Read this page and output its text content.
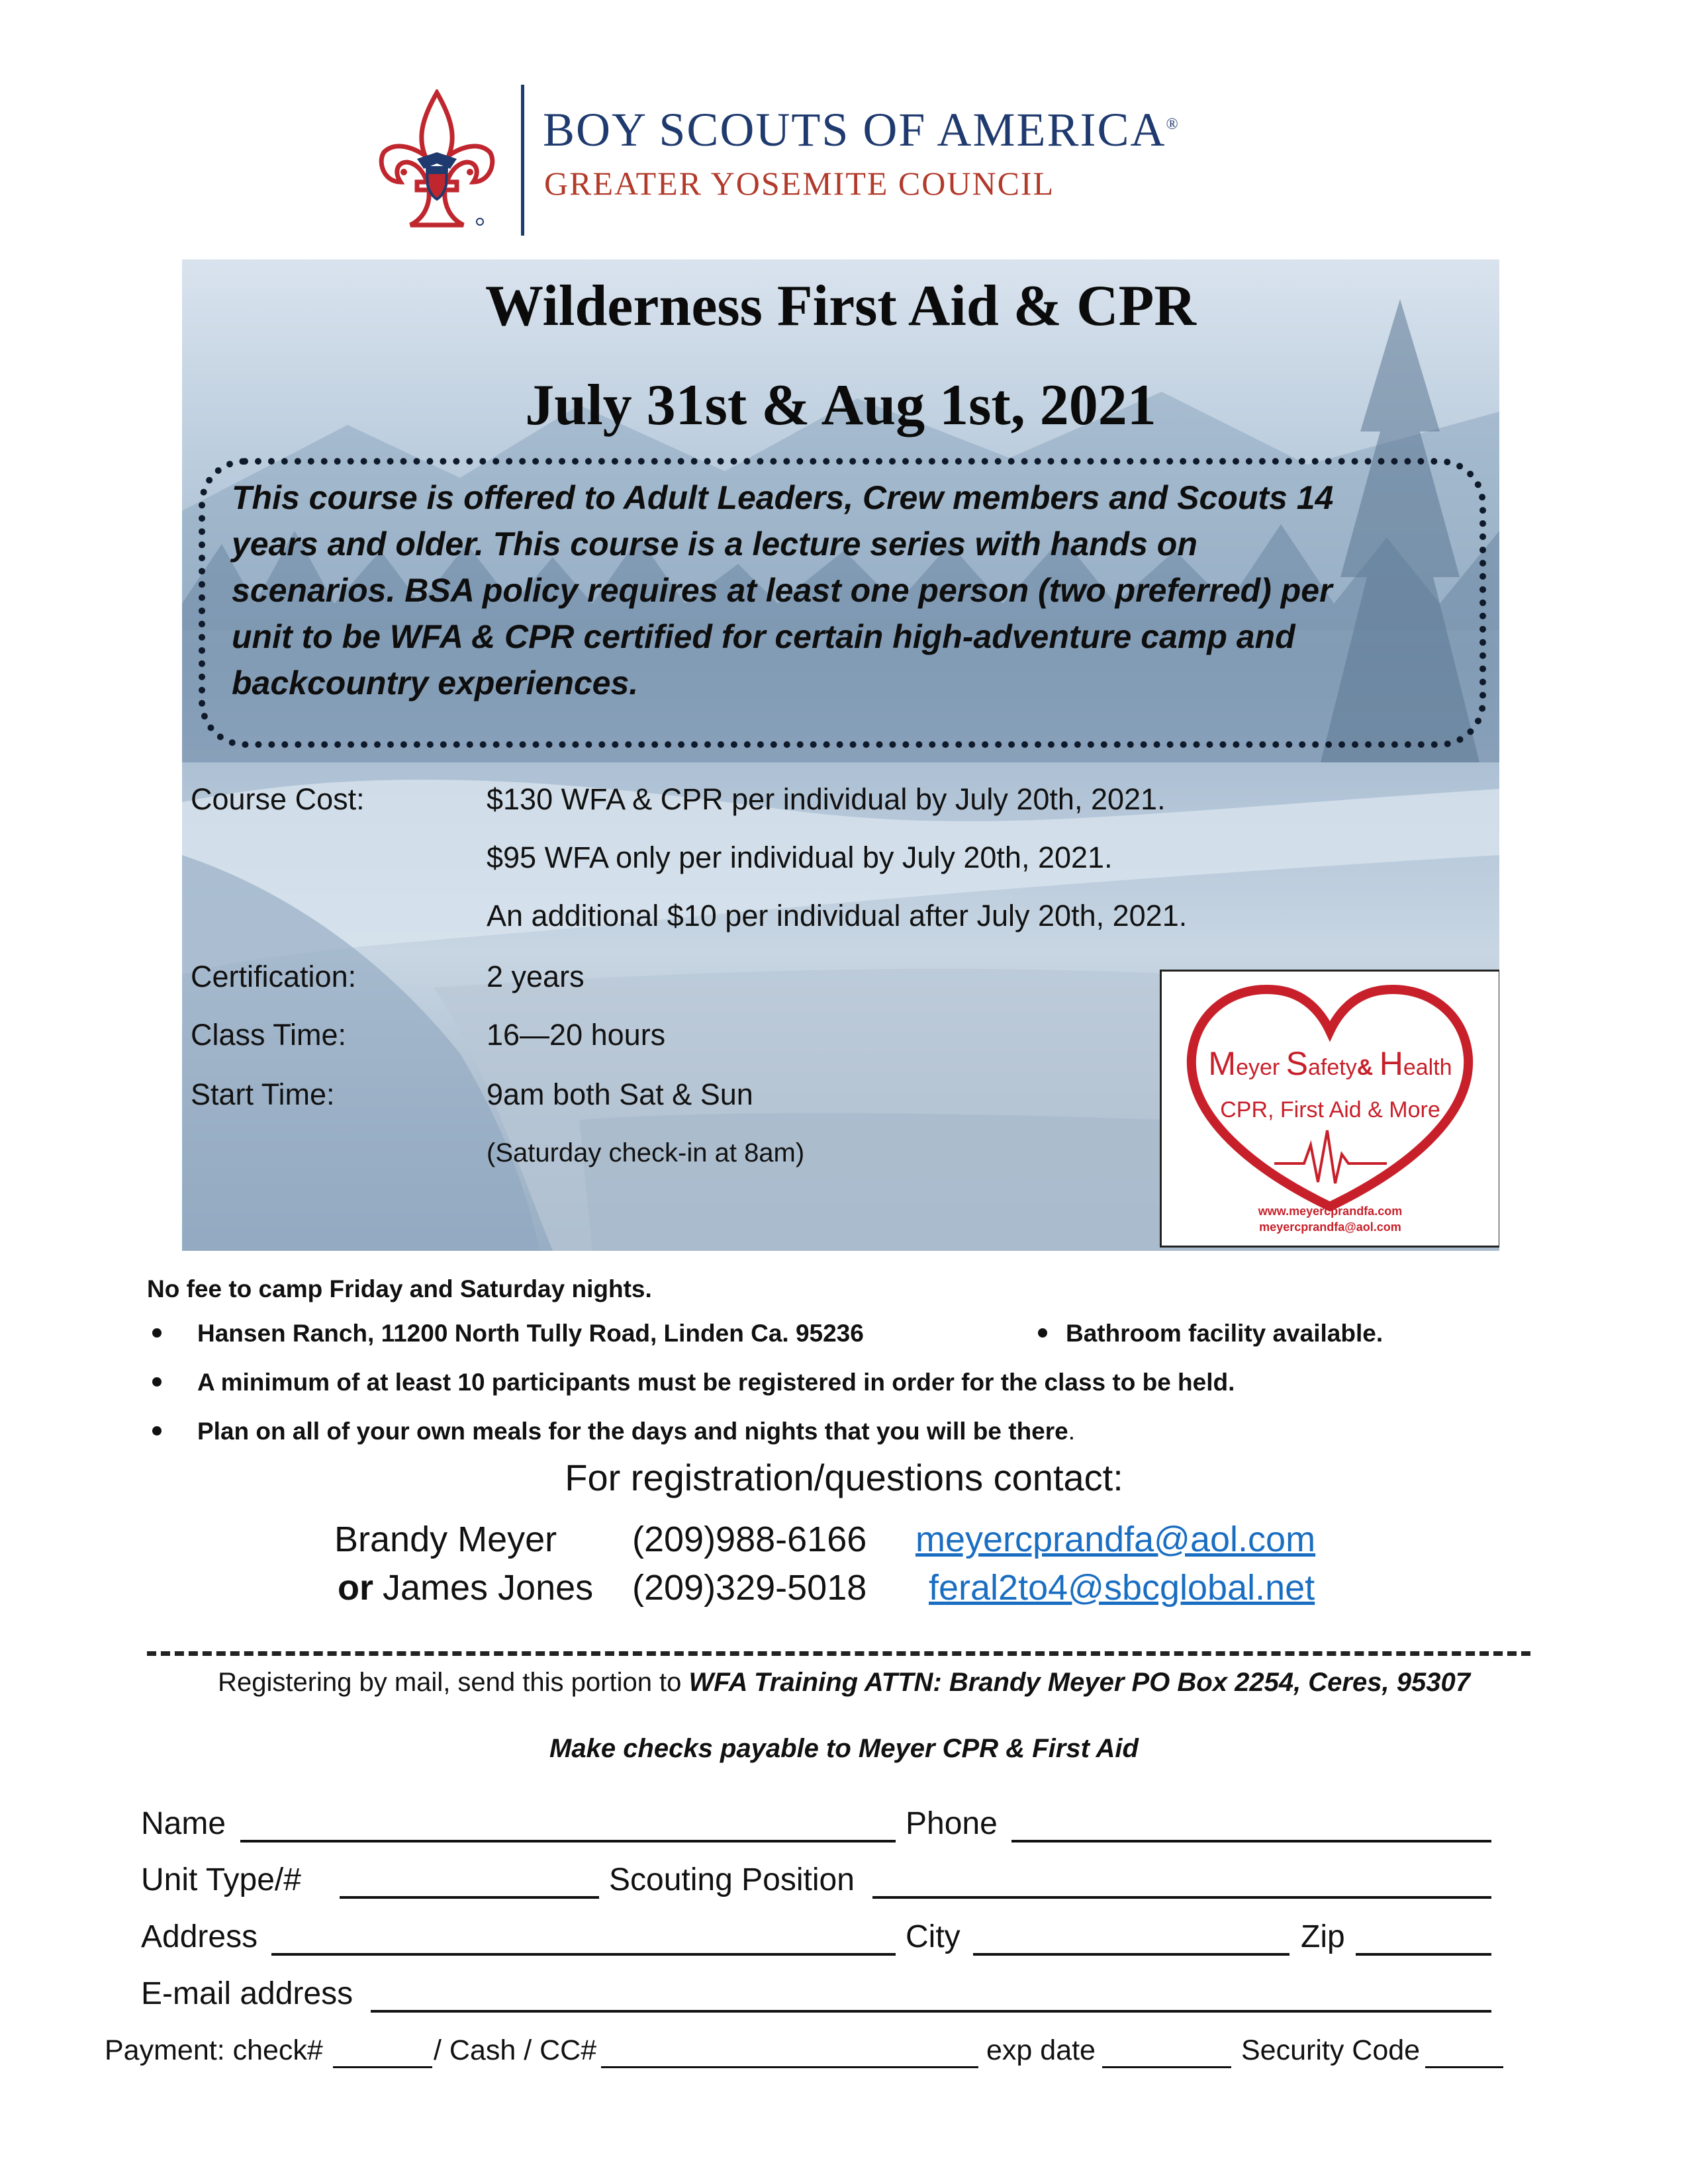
BOY SCOUTS OF AMERICA®
GREATER YOSEMITE COUNCIL
Wilderness First Aid & CPR
July 31st & Aug 1st, 2021
This course is offered to Adult Leaders, Crew members and Scouts 14
years and older. This course is a lecture series with hands on
scenarios. BSA policy requires at least one person (two preferred) per
unit to be WFA & CPR certified for certain high-adventure camp and
backcountry experiences.
Course Cost:	$130 WFA & CPR per individual by July 20th, 2021.
$95 WFA only per individual by July 20th, 2021.
An additional $10 per individual after July 20th, 2021.
Certification:	2 years
Class Time:	16—20 hours
Start Time:	9am both Sat & Sun
(Saturday check-in at 8am)
Meyer Safety& Health
CPR, First Aid & More
www.meyercprandfa.com
meyercprandfa@aol.com
No fee to camp Friday and Saturday nights.
Hansen Ranch, 11200 North Tully Road, Linden Ca. 95236	Bathroom facility available.
A minimum of at least 10 participants must be registered in order for the class to be held.
Plan on all of your own meals for the days and nights that you will be there.
For registration/questions contact:
Brandy Meyer (209)988-6166 meyercprandfa@aol.com
or James Jones (209)329-5018 feral2to4@sbcglobal.net
Registering by mail, send this portion to WFA Training ATTN: Brandy Meyer PO Box 2254, Ceres, 95307
Make checks payable to Meyer CPR & First Aid
Name	Phone
Unit Type/#	Scouting Position
Address	City	Zip
E-mail address
Payment: check#	/ Cash / CC#	exp date	Security Code
